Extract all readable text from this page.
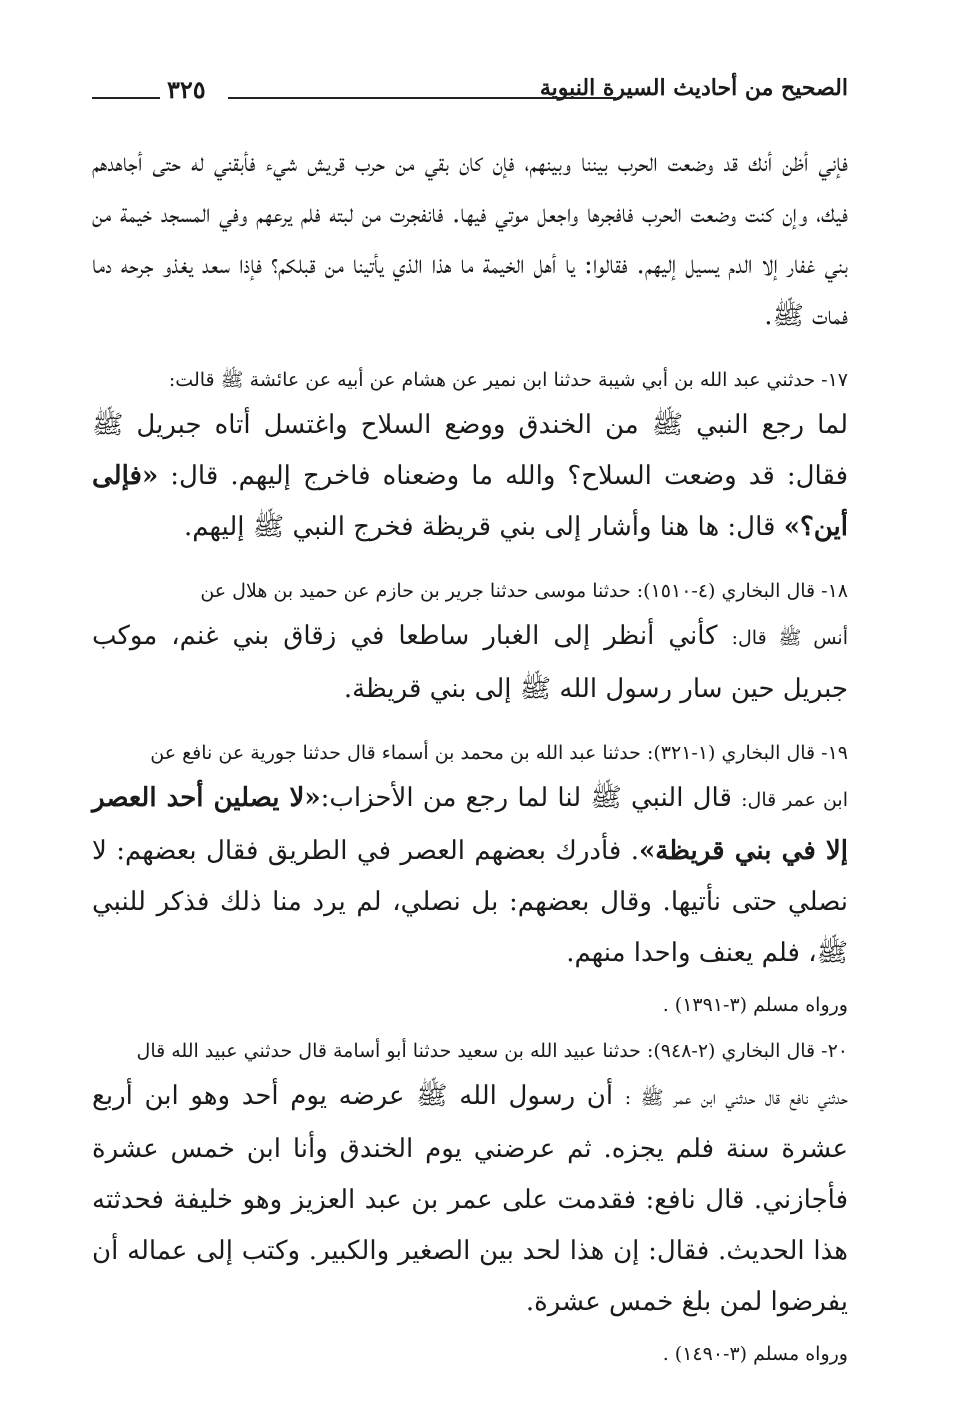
الصحيح من أحاديث السيرة النبوية
٣٢٥

فإني أظن أنك قد وضعت الحرب بيننا وبينهم، فإن كان بقي من حرب قريش شيء فأبقني له حتى أجاهدهم فيك، وإن كنت وضعت الحرب فافجرها واجعل موتي فيها. فانفجرت من لبته فلم يرعهم وفي المسجد خيمة من بني غفار إلا الدم يسيل إليهم. فقالوا: يا أهل الخيمة ما هذا الذي يأتينا من قبلكم؟ فإذا سعد يغذو جرحه دما فمات ﷺ.

١٧- حدثني عبد الله بن أبي شيبة حدثنا ابن نمير عن هشام عن أبيه عن عائشة ﷺ قالت:

لما رجع النبي ﷺ من الخندق ووضع السلاح واغتسل أتاه جبريل ﷺ فقال: قد وضعت السلاح؟ والله ما وضعناه فاخرج إليهم. قال: «فإلى أين؟» قال: ها هنا وأشار إلى بني قريظة فخرج النبي ﷺ إليهم.

١٨- قال البخاري (٤-١٥١٠): حدثنا موسى حدثنا جرير بن حازم عن حميد بن هلال عن

أنس ﷺ قال: كأني أنظر إلى الغبار ساطعا في زقاق بني غنم، موكب جبريل حين سار رسول الله ﷺ إلى بني قريظة.

١٩- قال البخاري (١-٣٢١): حدثنا عبد الله بن محمد بن أسماء قال حدثنا جورية عن نافع عن

ابن عمر قال: قال النبي ﷺ لنا لما رجع من الأحزاب:«لا يصلين أحد العصر إلا في بني قريظة». فأدرك بعضهم العصر في الطريق فقال بعضهم: لا نصلي حتى نأتيها. وقال بعضهم: بل نصلي، لم يرد منا ذلك فذكر للنبي ﷺ، فلم يعنف واحدا منهم.

ورواه مسلم (٣-١٣٩١) .

٢٠- قال البخاري (٢-٩٤٨): حدثنا عبيد الله بن سعيد حدثنا أبو أسامة قال حدثني عبيد الله قال

حدثني نافع قال حدثني ابن عمر ﷺ : أن رسول الله ﷺ عرضه يوم أحد وهو ابن أربع عشرة سنة فلم يجزه. ثم عرضني يوم الخندق وأنا ابن خمس عشرة فأجازني. قال نافع: فقدمت على عمر بن عبد العزيز وهو خليفة فحدثته هذا الحديث. فقال: إن هذا لحد بين الصغير والكبير. وكتب إلى عماله أن يفرضوا لمن بلغ خمس عشرة.

ورواه مسلم (٣-١٤٩٠) .
